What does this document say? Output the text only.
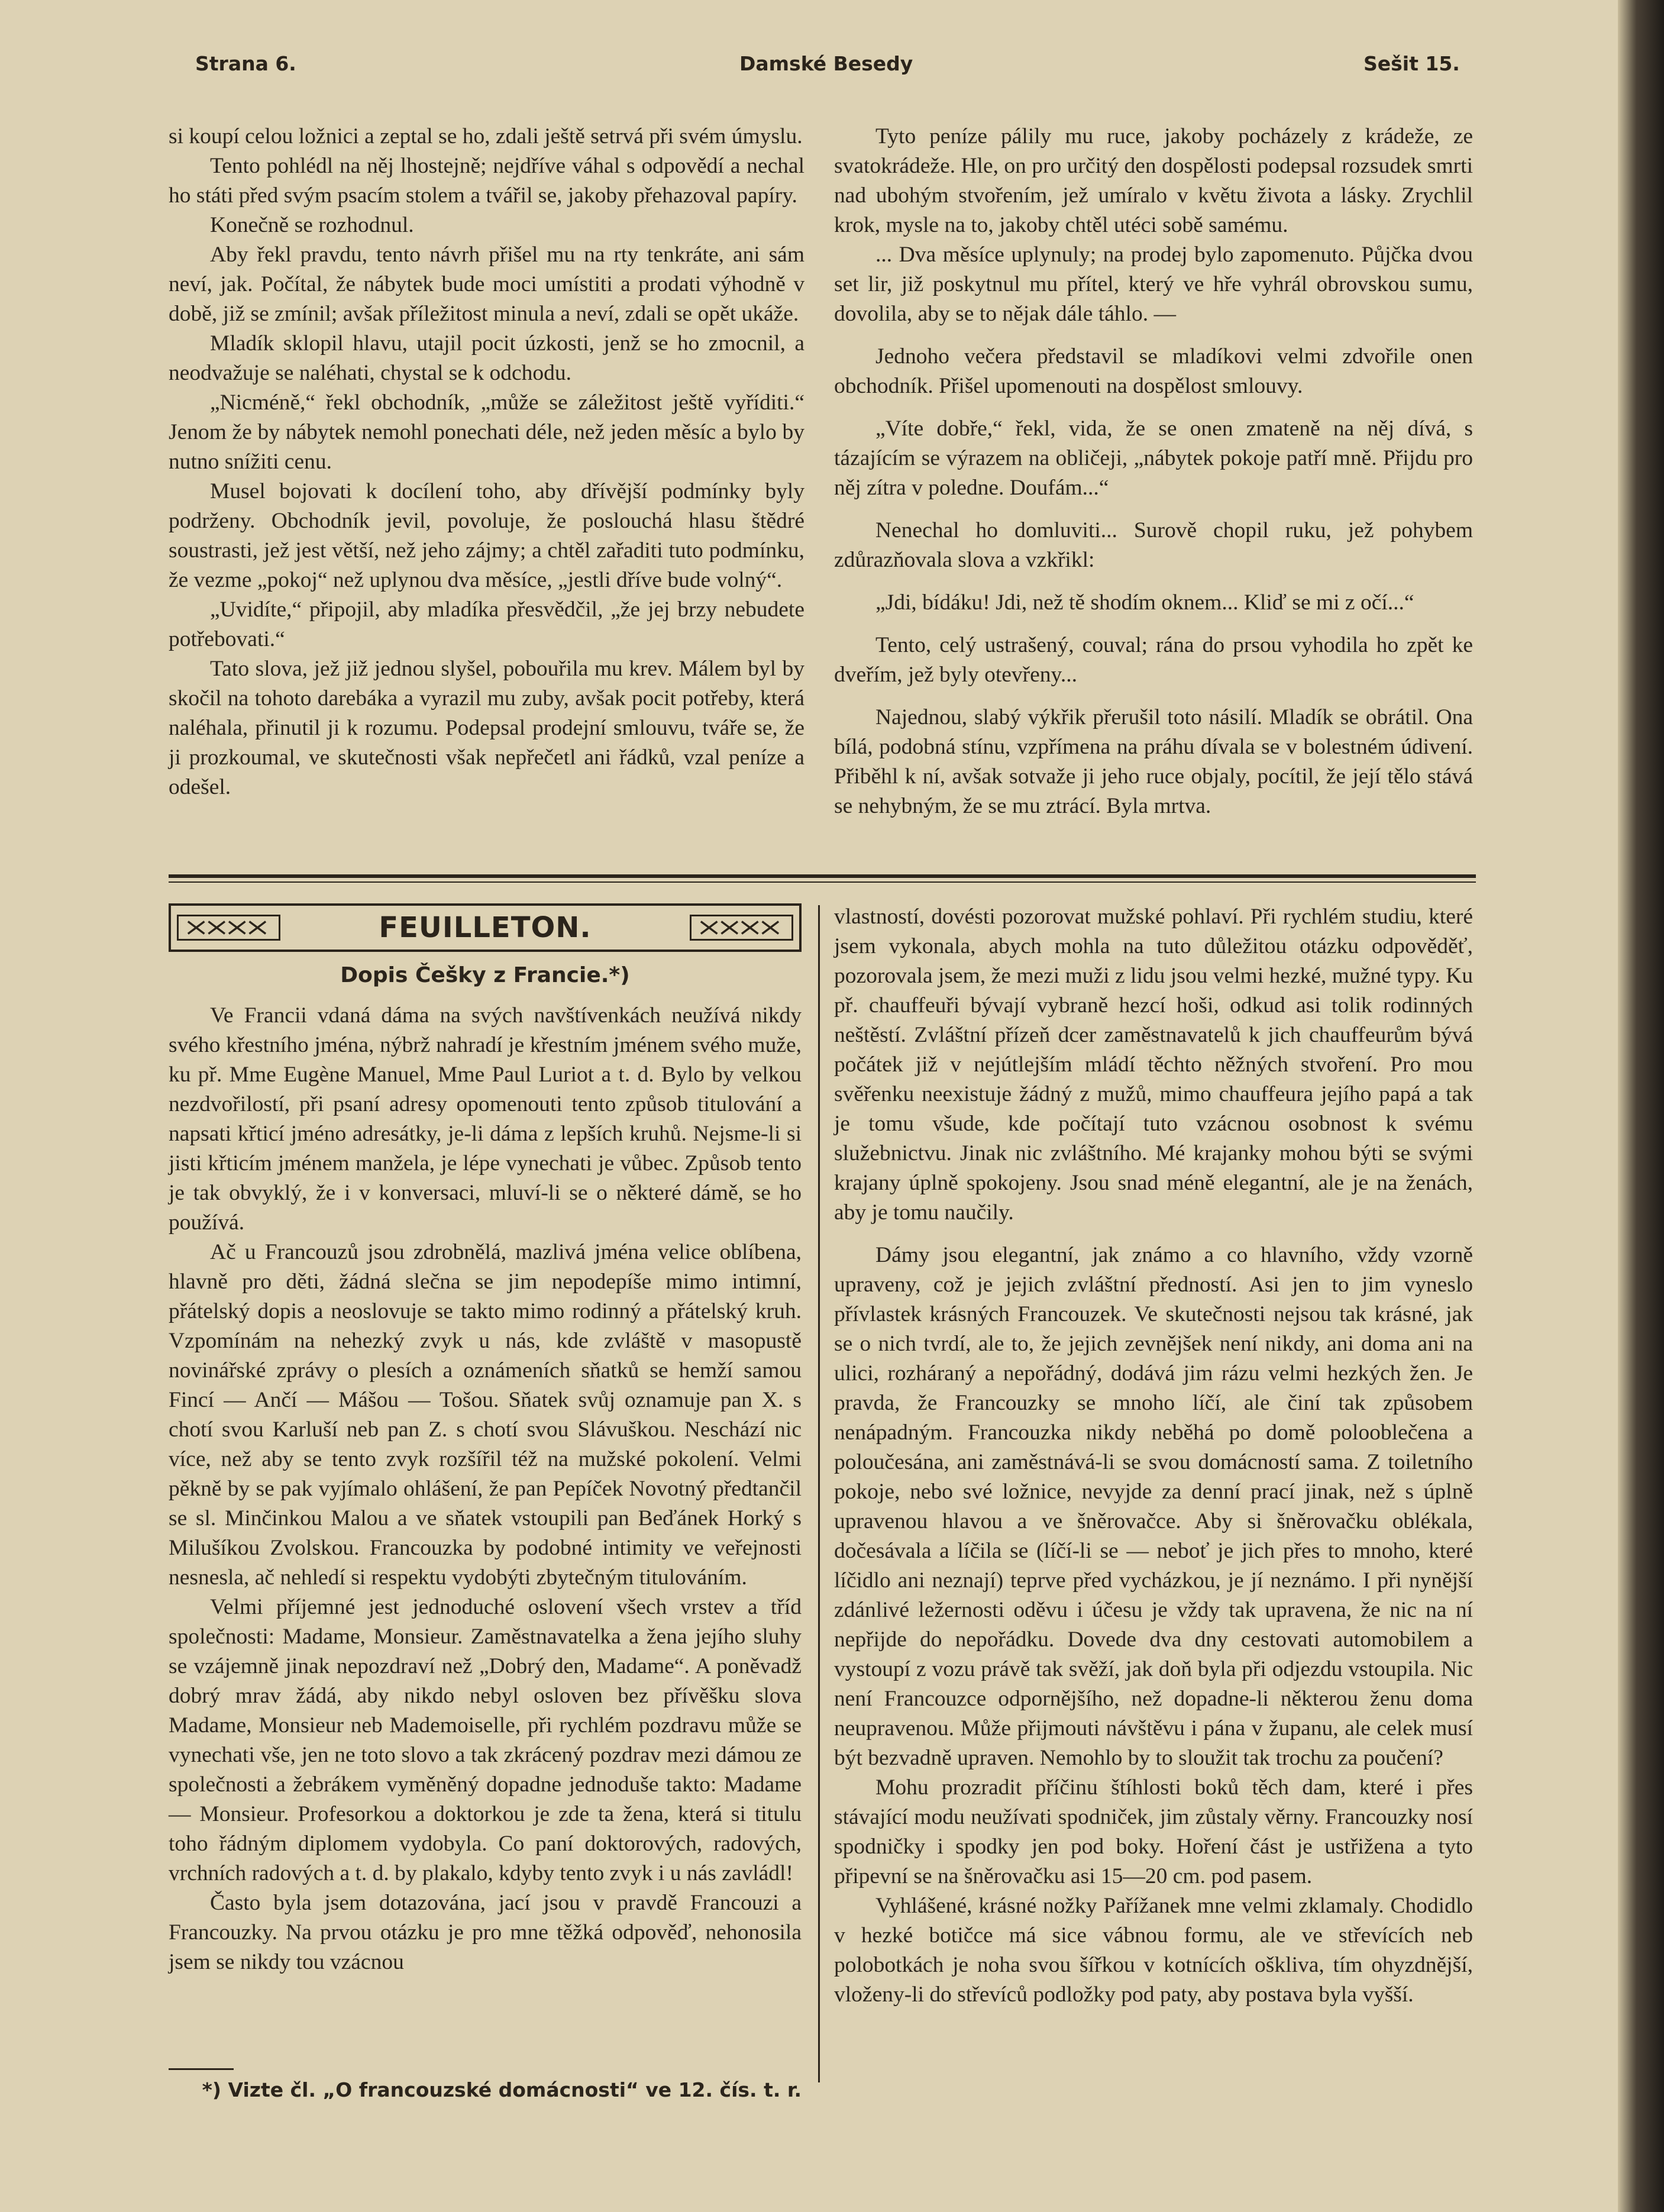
Strana 6.	Damské Besedy	Sešit 15.

si koupí celou ložnici a zeptal se ho, zdali ještě setrvá při svém úmyslu.

Tento pohlédl na něj lhostejně; nejdříve váhal s odpovědí a nechal ho státi před svým psacím stolem a tvářil se, jakoby přehazoval papíry.

Konečně se rozhodnul.

Aby řekl pravdu, tento návrh přišel mu na rty tenkráte, ani sám neví, jak. Počítal, že nábytek bude moci umístiti a prodati výhodně v době, již se zmínil; avšak příležitost minula a neví, zdali se opět ukáže.

Mladík sklopil hlavu, utajil pocit úzkosti, jenž se ho zmocnil, a neodvažuje se naléhati, chystal se k odchodu.

„Nicméně,“ řekl obchodník, „může se záležitost ještě vyříditi.“ Jenom že by nábytek nemohl ponechati déle, než jeden měsíc a bylo by nutno snížiti cenu.

Musel bojovati k docílení toho, aby dřívější podmínky byly podrženy. Obchodník jevil, povoluje, že poslouchá hlasu štědré soustrasti, jež jest větší, než jeho zájmy; a chtěl zařaditi tuto podmínku, že vezme „pokoj“ než uplynou dva měsíce, „jestli dříve bude volný“.

„Uvidíte,“ připojil, aby mladíka přesvědčil, „že jej brzy nebudete potřebovati.“

Tato slova, jež již jednou slyšel, pobouřila mu krev. Málem byl by skočil na tohoto darebáka a vyrazil mu zuby, avšak pocit potřeby, která naléhala, přinutil ji k rozumu. Podepsal prodejní smlouvu, tváře se, že ji prozkoumal, ve skutečnosti však nepřečetl ani řádků, vzal peníze a odešel.

Tyto peníze pálily mu ruce, jakoby pocházely z krádeže, ze svatokrádeže. Hle, on pro určitý den dospělosti podepsal rozsudek smrti nad ubohým stvořením, jež umíralo v květu života a lásky. Zrychlil krok, mysle na to, jakoby chtěl utéci sobě samému.

... Dva měsíce uplynuly; na prodej bylo zapomenuto. Půjčka dvou set lir, již poskytnul mu přítel, který ve hře vyhrál obrovskou sumu, dovolila, aby se to nějak dále táhlo. —

Jednoho večera představil se mladíkovi velmi zdvořile onen obchodník. Přišel upomenouti na dospělost smlouvy.

„Víte dobře,“ řekl, vida, že se onen zmateně na něj dívá, s tázajícím se výrazem na obličeji, „nábytek pokoje patří mně. Přijdu pro něj zítra v poledne. Doufám...“

Nenechal ho domluviti... Surově chopil ruku, jež pohybem zdůrazňovala slova a vzkřikl:

„Jdi, bídáku! Jdi, než tě shodím oknem... Kliď se mi z očí...“

Tento, celý ustrašený, couval; rána do prsou vyhodila ho zpět ke dveřím, jež byly otevřeny...

Najednou, slabý výkřik přerušil toto násilí. Mladík se obrátil. Ona bílá, podobná stínu, vzpřímena na práhu dívala se v bolestném údivení. Přiběhl k ní, avšak sotvaže ji jeho ruce objaly, pocítil, že její tělo stává se nehybným, že se mu ztrácí. Byla mrtva.

FEUILLETON.
Dopis Češky z Francie.*)

Ve Francii vdaná dáma na svých navštívenkách neužívá nikdy svého křestního jména, nýbrž nahradí je křestním jménem svého muže, ku př. Mme Eugène Manuel, Mme Paul Luriot a t. d. Bylo by velkou nezdvořilostí, při psaní adresy opomenouti tento způsob titulování a napsati křticí jméno adresátky, je-li dáma z lepších kruhů. Nejsme-li si jisti křticím jménem manželа, je lépe vynechati je vůbec. Způsob tento je tak obvyklý, že i v konversaci, mluví-li se o některé dámě, se ho používá.

Ač u Francouzů jsou zdrobnělá, mazlivá jména velice oblíbena, hlavně pro děti, žádná slečna se jim nepodepíše mimo intimní, přátelský dopis a neoslovuje se takto mimo rodinný a přátelský kruh. Vzpomínám na nehezký zvyk u nás, kde zvláště v masopustě novinářské zprávy o plesích a oznámeních sňatků se hemží samou Fincí — Ančí — Mášou — Tošou. Sňatek svůj oznamuje pan X. s chotí svou Karluší neb pan Z. s chotí svou Slávuškou. Neschází nic více, než aby se tento zvyk rozšířil též na mužské pokolení. Velmi pěkně by se pak vyjímalo ohlášení, že pan Pepíček Novotný předtančil se sl. Minčinkou Malou a ve sňatek vstoupili pan Beďánek Horký s Milušíkou Zvolskou. Francouzka by podobné intimity ve veřejnosti nesnesla, ač nehledí si respektu vydobýti zbytečným titulováním.

Velmi příjemné jest jednoduché oslovení všech vrstev a tříd společnosti: Madame, Monsieur. Zaměstnavatelka a žena jejího sluhy se vzájemně jinak nepozdraví než „Dobrý den, Madame“. A poněvadž dobrý mrav žádá, aby nikdo nebyl osloven bez přívěšku slova Madame, Monsieur neb Mademoiselle, při rychlém pozdravu může se vynechati vše, jen ne toto slovo a tak zkrácený pozdrav mezi dámou ze společnosti a žebrákem vyměněný dopadne jednoduše takto: Madame — Monsieur. Profesorkou a doktorkou je zde ta žena, která si titulu toho řádným diplomem vydobyla. Co paní doktorových, radových, vrchních radových a t. d. by plakalo, kdyby tento zvyk i u nás zavládl!

Často byla jsem dotazována, jací jsou v pravdě Francouzi a Francouzky. Na prvou otázku je pro mne těžká odpověď, nehonosila jsem se nikdy tou vzácnou

*) Vizte čl. „O francouzské domácnosti“ ve 12. čís. t. r.

vlastností, dovésti pozorovat mužské pohlaví. Při rychlém studiu, které jsem vykonala, abych mohla na tuto důležitou otázku odpověděť, pozorovala jsem, že mezi muži z lidu jsou velmi hezké, mužné typy. Ku př. chauffeuři bývají vybraně hezcí hoši, odkud asi tolik rodinných neštěstí. Zvláštní přízeň dcer zaměstnavatelů k jich chauffeurům bývá počátek již v nejútlejším mládí těchto něžných stvoření. Pro mou svěřenku neexistuje žádný z mužů, mimo chauffeura jejího papá a tak je tomu všude, kde počítají tuto vzácnou osobnost k svému služebnictvu. Jinak nic zvláštního. Mé krajanky mohou býti se svými krajany úplně spokojeny. Jsou snad méně elegantní, ale je na ženách, aby je tomu naučily.

Dámy jsou elegantní, jak známo a co hlavního, vždy vzorně upraveny, což je jejich zvláštní předností. Asi jen to jim vyneslo přívlastek krásných Francouzek. Ve skutečnosti nejsou tak krásné, jak se o nich tvrdí, ale to, že jejich zevnějšek není nikdy, ani doma ani na ulici, rozháraný a nepořádný, dodává jim rázu velmi hezkých žen. Je pravda, že Francouzky se mnoho líčí, ale činí tak způsobem nenápadným. Francouzka nikdy neběhá po domě poloоblečena a poloučesána, ani zaměstnává-li se svou domácností sama. Z toiletního pokoje, nebo své ložnice, nevyjde za denní prací jinak, než s úplně upravenou hlavou a ve šněrovačce. Aby si šněrovačku oblékala, dočesávala a líčila se (líčí-li se — neboť je jich přes to mnoho, které líčidlo ani neznají) teprve před vycházkou, je jí neznámo. I při nynější zdánlivé ležernosti oděvu i účesu je vždy tak upravena, že nic na ní nepřijde do nepořádku. Dovede dva dny cestovati automobilem a vystoupí z vozu právě tak svěží, jak doň byla při odjezdu vstoupila. Nic není Francouzce odpornějšího, než dopadne-li některou ženu doma neupravenou. Může přijmouti návštěvu i pána v županu, ale celek musí být bezvadně upraven. Nemohlo by to sloužit tak trochu za poučení?

Mohu prozradit příčinu štíhlosti boků těch dam, které i přes stávající modu neužívati spodniček, jim zůstaly věrny. Francouzky nosí spodničky i spodky jen pod boky. Hoření část je ustřižena a tyto připevní se na šněrovačku asi 15—20 cm. pod pasem.

Vyhlášené, krásné nožky Pařížanek mne velmi zklamaly. Chodidlo v hezké botičce má sice vábnou formu, ale ve střevících neb polobotkách je noha svou šířkou v kotnících ošklivа, tím ohyzdnější, vloženy-li do střevíců podložky pod paty, aby postava byla vyšší.
